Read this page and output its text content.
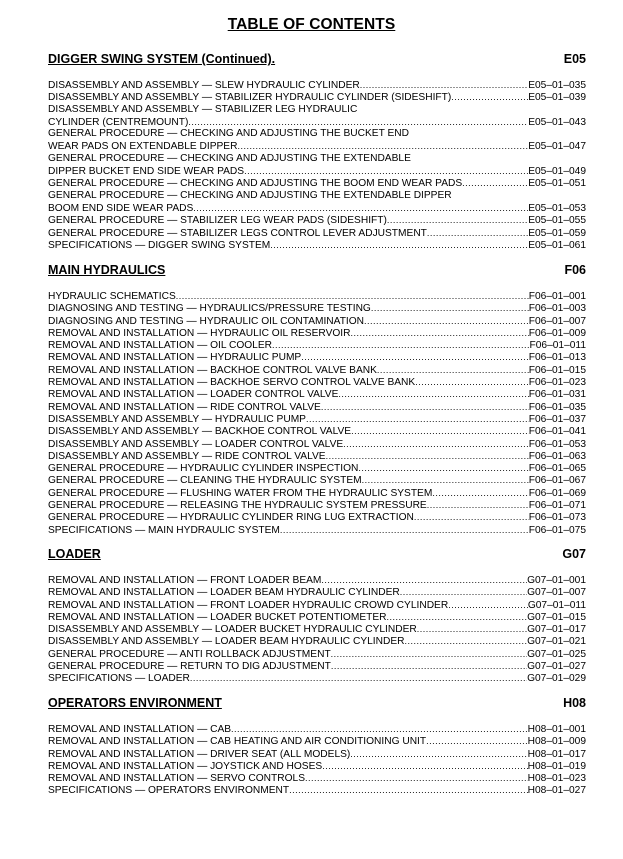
TABLE OF CONTENTS
DIGGER SWING SYSTEM (Continued).	E05
DISASSEMBLY AND ASSEMBLY — SLEW HYDRAULIC CYLINDER .....	E05–01–035
DISASSEMBLY AND ASSEMBLY — STABILIZER HYDRAULIC CYLINDER (SIDESHIFT) .....	E05–01–039
DISASSEMBLY AND ASSEMBLY — STABILIZER LEG HYDRAULIC
CYLINDER (CENTREMOUNT) .....	E05–01–043
GENERAL PROCEDURE — CHECKING AND ADJUSTING THE BUCKET END
WEAR PADS ON EXTENDABLE DIPPER .....	E05–01–047
GENERAL PROCEDURE — CHECKING AND ADJUSTING THE EXTENDABLE
DIPPER BUCKET END SIDE WEAR PADS .....	E05–01–049
GENERAL PROCEDURE — CHECKING AND ADJUSTING THE BOOM END WEAR PADS .....	E05–01–051
GENERAL PROCEDURE — CHECKING AND ADJUSTING THE EXTENDABLE DIPPER
BOOM END SIDE WEAR PADS .....	E05–01–053
GENERAL PROCEDURE — STABILIZER LEG WEAR PADS (SIDESHIFT) .....	E05–01–055
GENERAL PROCEDURE — STABILIZER LEGS CONTROL LEVER ADJUSTMENT .....	E05–01–059
SPECIFICATIONS — DIGGER SWING SYSTEM .....	E05–01–061
MAIN HYDRAULICS	F06
HYDRAULIC SCHEMATICS .....	F06–01–001
DIAGNOSING AND TESTING — HYDRAULICS/PRESSURE TESTING .....	F06–01–003
DIAGNOSING AND TESTING — HYDRAULIC OIL CONTAMINATION .....	F06–01–007
REMOVAL AND INSTALLATION — HYDRAULIC OIL RESERVOIR .....	F06–01–009
REMOVAL AND INSTALLATION — OIL COOLER .....	F06–01–011
REMOVAL AND INSTALLATION — HYDRAULIC PUMP .....	F06–01–013
REMOVAL AND INSTALLATION — BACKHOE CONTROL VALVE BANK .....	F06–01–015
REMOVAL AND INSTALLATION — BACKHOE SERVO CONTROL VALVE BANK .....	F06–01–023
REMOVAL AND INSTALLATION — LOADER CONTROL VALVE .....	F06–01–031
REMOVAL AND INSTALLATION — RIDE CONTROL VALVE .....	F06–01–035
DISASSEMBLY AND ASSEMBLY — HYDRAULIC PUMP .....	F06–01–037
DISASSEMBLY AND ASSEMBLY — BACKHOE CONTROL VALVE .....	F06–01–041
DISASSEMBLY AND ASSEMBLY — LOADER CONTROL VALVE .....	F06–01–053
DISASSEMBLY AND ASSEMBLY — RIDE CONTROL VALVE .....	F06–01–063
GENERAL PROCEDURE — HYDRAULIC CYLINDER INSPECTION .....	F06–01–065
GENERAL PROCEDURE — CLEANING THE HYDRAULIC SYSTEM .....	F06–01–067
GENERAL PROCEDURE — FLUSHING WATER FROM THE HYDRAULIC SYSTEM .....	F06–01–069
GENERAL PROCEDURE — RELEASING THE HYDRAULIC SYSTEM PRESSURE .....	F06–01–071
GENERAL PROCEDURE — HYDRAULIC CYLINDER RING LUG EXTRACTION .....	F06–01–073
SPECIFICATIONS — MAIN HYDRAULIC SYSTEM .....	F06–01–075
LOADER	G07
REMOVAL AND INSTALLATION — FRONT LOADER BEAM .....	G07–01–001
REMOVAL AND INSTALLATION — LOADER BEAM HYDRAULIC CYLINDER .....	G07–01–007
REMOVAL AND INSTALLATION — FRONT LOADER HYDRAULIC CROWD CYLINDER .....	G07–01–011
REMOVAL AND INSTALLATION — LOADER BUCKET POTENTIOMETER .....	G07–01–015
DISASSEMBLY AND ASSEMBLY — LOADER BUCKET HYDRAULIC CYLINDER .....	G07–01–017
DISASSEMBLY AND ASSEMBLY — LOADER BEAM HYDRAULIC CYLINDER .....	G07–01–021
GENERAL PROCEDURE — ANTI ROLLBACK ADJUSTMENT .....	G07–01–025
GENERAL PROCEDURE — RETURN TO DIG ADJUSTMENT .....	G07–01–027
SPECIFICATIONS — LOADER .....	G07–01–029
OPERATORS ENVIRONMENT	H08
REMOVAL AND INSTALLATION — CAB .....	H08–01–001
REMOVAL AND INSTALLATION — CAB HEATING AND AIR CONDITIONING UNIT .....	H08–01–009
REMOVAL AND INSTALLATION — DRIVER SEAT (ALL MODELS) .....	H08–01–017
REMOVAL AND INSTALLATION — JOYSTICK AND HOSES .....	H08–01–019
REMOVAL AND INSTALLATION — SERVO CONTROLS .....	H08–01–023
SPECIFICATIONS — OPERATORS ENVIRONMENT .....	H08–01–027
